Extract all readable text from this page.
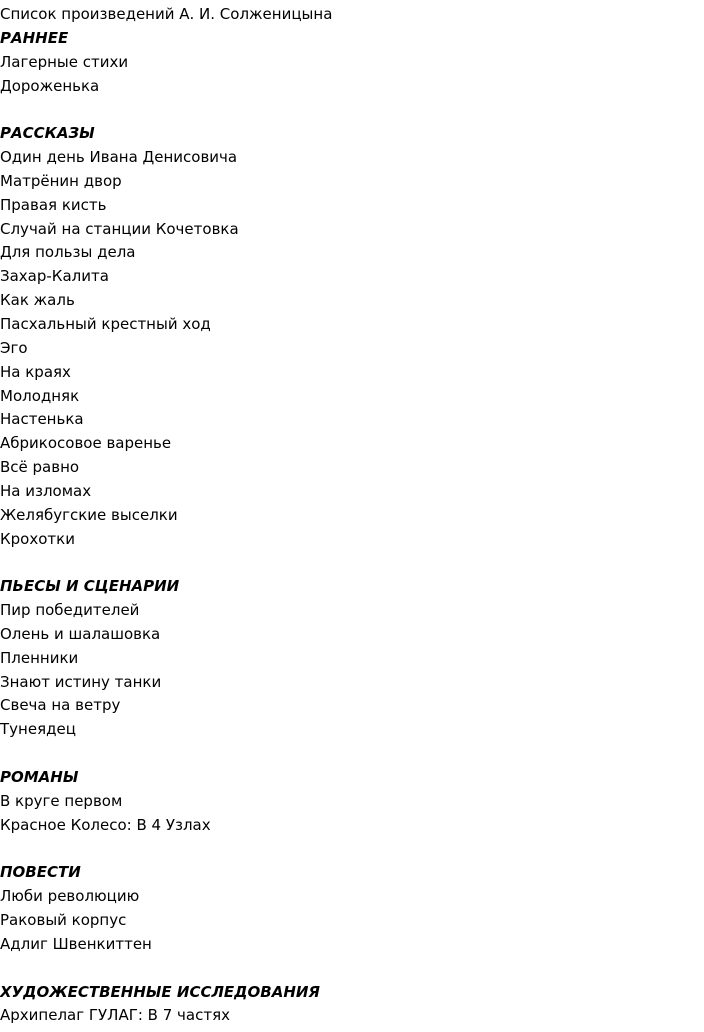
Список произведений А. И. Солженицына
РАННЕЕ
Лагерные стихи
Дороженька
РАССКАЗЫ
Один день Ивана Денисовича
Матрёнин двор
Правая кисть
Случай на станции Кочетовка
Для пользы дела
Захар-Калита
Как жаль
Пасхальный крестный ход
Эго
На краях
Молодняк
Настенька
Абрикосовое варенье
Всё равно
На изломах
Желябугские выселки
Крохотки
ПЬЕСЫ И СЦЕНАРИИ
Пир победителей
Олень и шалашовка
Пленники
Знают истину танки
Свеча на ветру
Тунеядец
РОМАНЫ
В круге первом
Красное Колесо: В 4 Узлах
ПОВЕСТИ
Люби революцию
Раковый корпус
Адлиг Швенкиттен
ХУДОЖЕСТВЕННЫЕ ИССЛЕДОВАНИЯ
Архипелаг ГУЛАГ: В 7 частях
